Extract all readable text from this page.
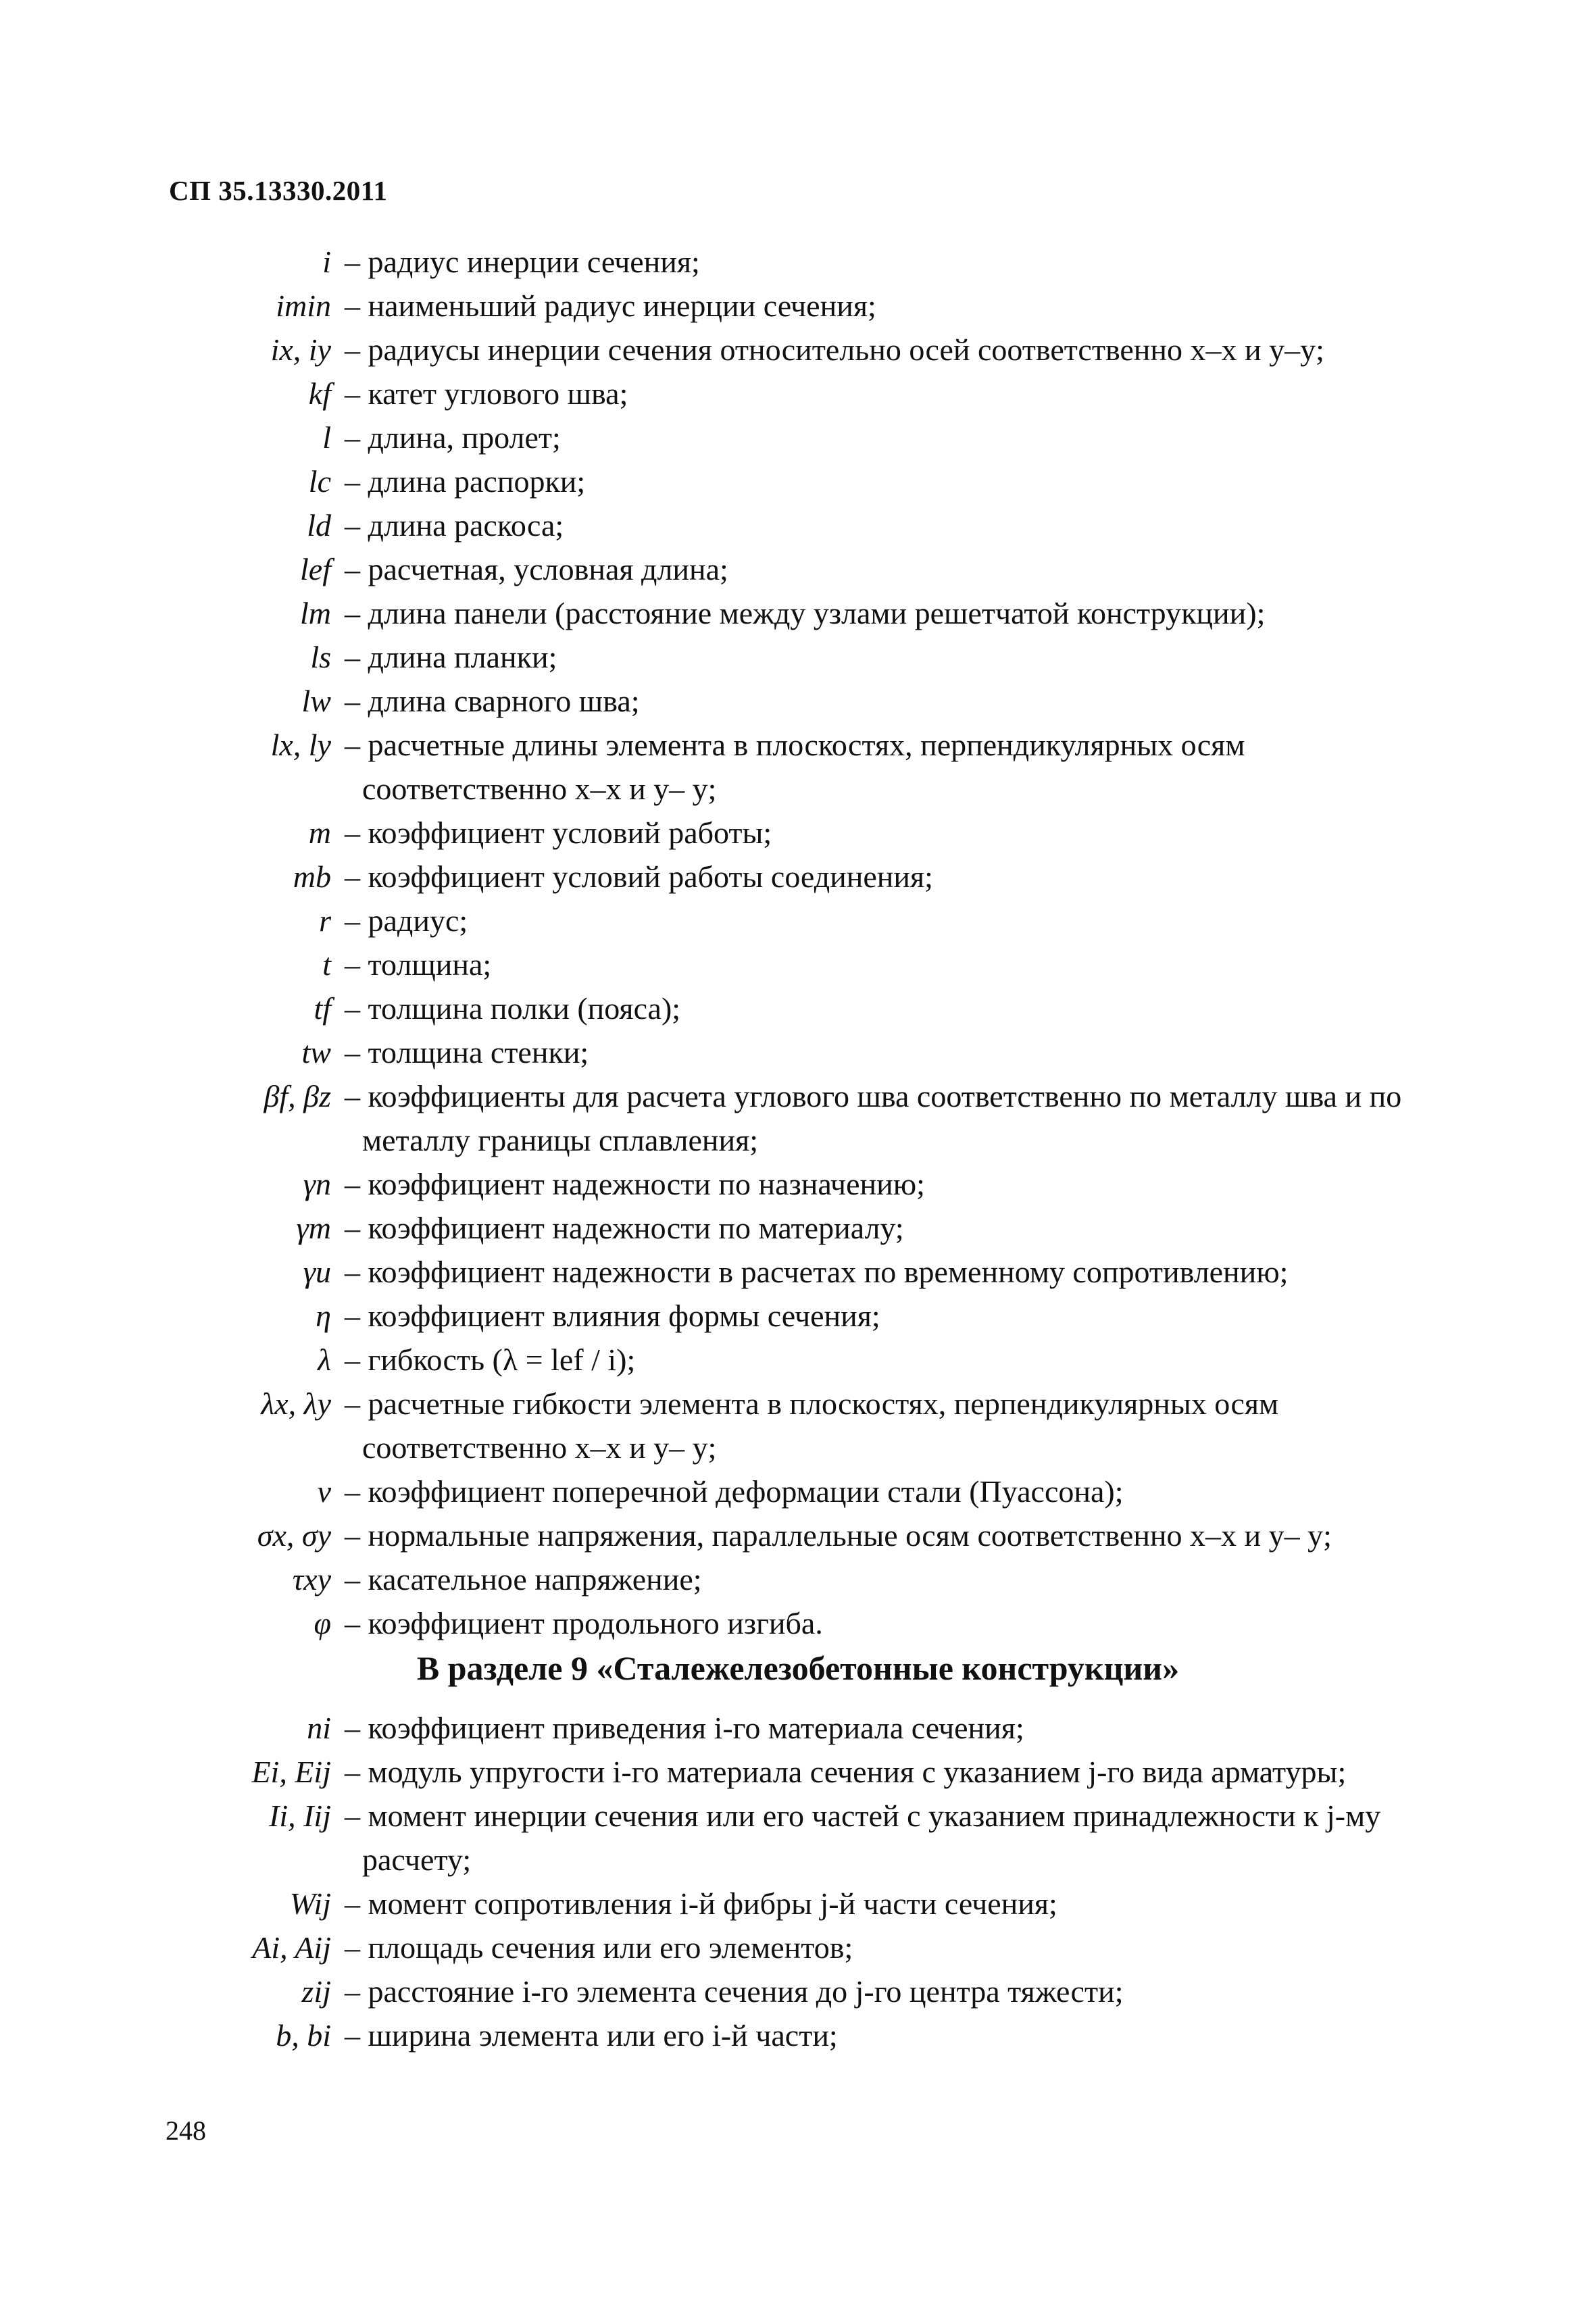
СП 35.13330.2011
i – радиус инерции сечения;
imin – наименьший радиус инерции сечения;
ix, iy – радиусы инерции сечения относительно осей соответственно x–x и y–y;
kf – катет углового шва;
l – длина, пролет;
lc – длина распорки;
ld – длина раскоса;
lef – расчетная, условная длина;
lm – длина панели (расстояние между узлами решетчатой конструкции);
ls – длина планки;
lw – длина сварного шва;
lx, ly – расчетные длины элемента в плоскостях, перпендикулярных осям соответственно x–x и y– y;
m – коэффициент условий работы;
mb – коэффициент условий работы соединения;
r – радиус;
t – толщина;
tf – толщина полки (пояса);
tw – толщина стенки;
βf, βz – коэффициенты для расчета углового шва соответственно по металлу шва и по металлу границы сплавления;
γn – коэффициент надежности по назначению;
γm – коэффициент надежности по материалу;
γu – коэффициент надежности в расчетах по временному сопротивлению;
η – коэффициент влияния формы сечения;
λ – гибкость (λ = lef / i);
λx, λy – расчетные гибкости элемента в плоскостях, перпендикулярных осям соответственно x–x и y– y;
ν – коэффициент поперечной деформации стали (Пуассона);
σx, σy – нормальные напряжения, параллельные осям соответственно x–x и y– y;
τxy – касательное напряжение;
φ – коэффициент продольного изгиба.
В разделе 9 «Сталежелезобетонные конструкции»
ni – коэффициент приведения i-го материала сечения;
Ei, Eij – модуль упругости i-го материала сечения с указанием j-го вида арматуры;
Ii, Iij – момент инерции сечения или его частей с указанием принадлежности к j-му расчету;
Wij – момент сопротивления i-й фибры j-й части сечения;
Ai, Aij – площадь сечения или его элементов;
zij – расстояние i-го элемента сечения до j-го центра тяжести;
b, bi – ширина элемента или его i-й части;
248
